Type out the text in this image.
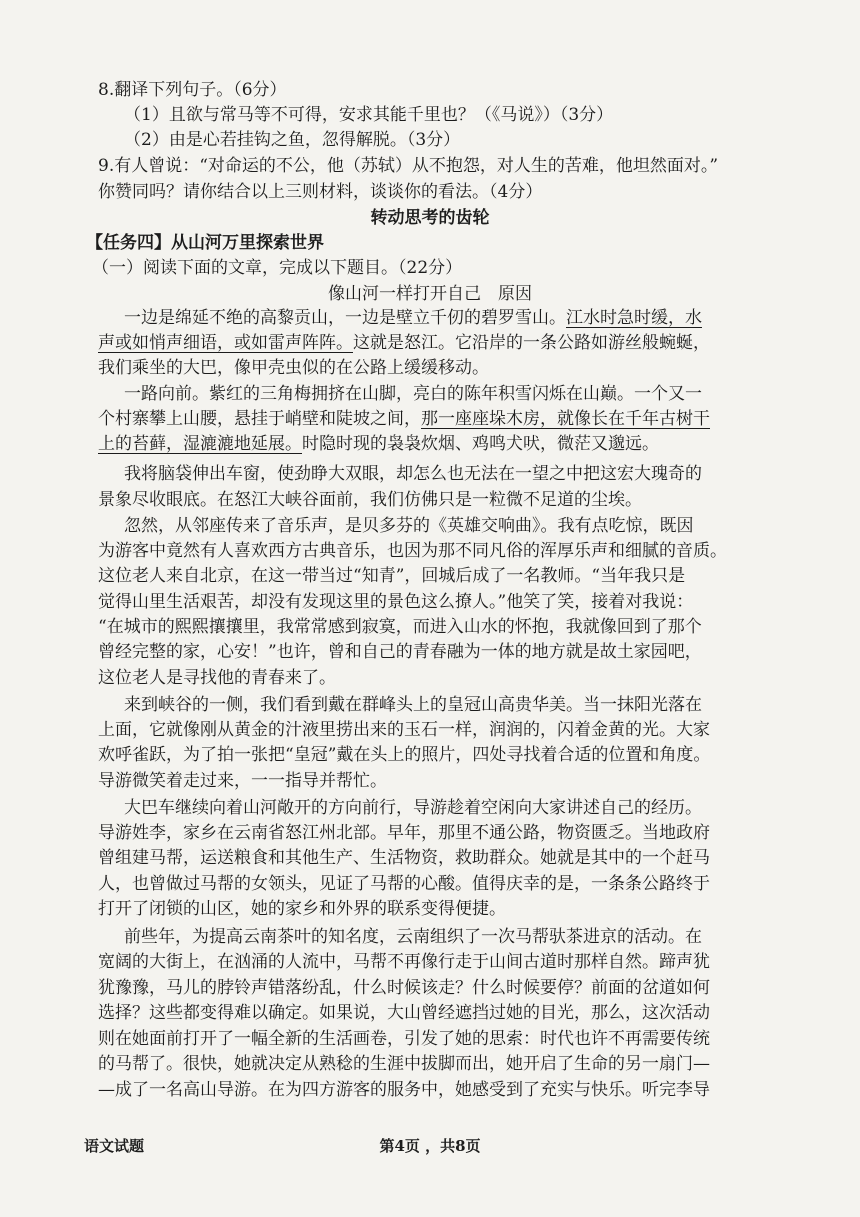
8.翻译下列句子。（6分）
（1）且欲与常马等不可得，安求其能千里也？（《马说》）（3分）
（2）由是心若挂钩之鱼，忽得解脱。（3分）
9.有人曾说：“对命运的不公，他（苏轼）从不抱怨，对人生的苦难，他坦然面对。”
你赞同吗？请你结合以上三则材料，谈谈你的看法。（4分）
转动思考的齿轮
【任务四】从山河万里探索世界
（一）阅读下面的文章，完成以下题目。（22分）
像山河一样打开自己　原因
一边是绵延不绝的高黎贡山，一边是壁立千仞的碧罗雪山。江水时急时缓，水
声或如悄声细语，或如雷声阵阵。这就是怒江。它沿岸的一条公路如游丝般蜿蜒，
我们乘坐的大巴，像甲壳虫似的在公路上缓缓移动。
一路向前。紫红的三角梅拥挤在山脚，亮白的陈年积雪闪烁在山巅。一个又一
个村寨攀上山腰，悬挂于峭壁和陡坡之间，那一座座垛木房，就像长在千年古树干
上的苔藓，湿漉漉地延展。时隐时现的袅袅炊烟、鸡鸣犬吠，微茫又邈远。
我将脑袋伸出车窗，使劲睁大双眼，却怎么也无法在一望之中把这宏大瑰奇的
景象尽收眼底。在怒江大峡谷面前，我们仿佛只是一粒微不足道的尘埃。
忽然，从邻座传来了音乐声，是贝多芬的《英雄交响曲》。我有点吃惊，既因
为游客中竟然有人喜欢西方古典音乐，也因为那不同凡俗的浑厚乐声和细腻的音质。
这位老人来自北京，在这一带当过“知青”，回城后成了一名教师。“当年我只是
觉得山里生活艰苦，却没有发现这里的景色这么撩人。”他笑了笑，接着对我说：
“在城市的熙熙攘攘里，我常常感到寂寞，而进入山水的怀抱，我就像回到了那个
曾经完整的家，心安！”也许，曾和自己的青春融为一体的地方就是故土家园吧，
这位老人是寻找他的青春来了。
来到峡谷的一侧，我们看到戴在群峰头上的皇冠山高贵华美。当一抹阳光落在
上面，它就像刚从黄金的汁液里捞出来的玉石一样，润润的，闪着金黄的光。大家
欢呼雀跃，为了拍一张把“皇冠”戴在头上的照片，四处寻找着合适的位置和角度。
导游微笑着走过来，一一指导并帮忙。
大巴车继续向着山河敞开的方向前行，导游趁着空闲向大家讲述自己的经历。
导游姓李，家乡在云南省怒江州北部。早年，那里不通公路，物资匮乏。当地政府
曾组建马帮，运送粮食和其他生产、生活物资，救助群众。她就是其中的一个赶马
人，也曾做过马帮的女领头，见证了马帮的心酸。值得庆幸的是，一条条公路终于
打开了闭锁的山区，她的家乡和外界的联系变得便捷。
前些年，为提高云南茶叶的知名度，云南组织了一次马帮驮茶进京的活动。在
宽阔的大街上，在汹涌的人流中，马帮不再像行走于山间古道时那样自然。蹄声犹
犹豫豫，马儿的脖铃声错落纷乱，什么时候该走？什么时候要停？前面的岔道如何
选择？这些都变得难以确定。如果说，大山曾经遮挡过她的目光，那么，这次活动
则在她面前打开了一幅全新的生活画卷，引发了她的思索：时代也许不再需要传统
的马帮了。很快，她就决定从熟稔的生涯中拔脚而出，她开启了生命的另一扇门—
—成了一名高山导游。在为四方游客的服务中，她感受到了充实与快乐。听完李导
语文试题	第4页 ，共8页
